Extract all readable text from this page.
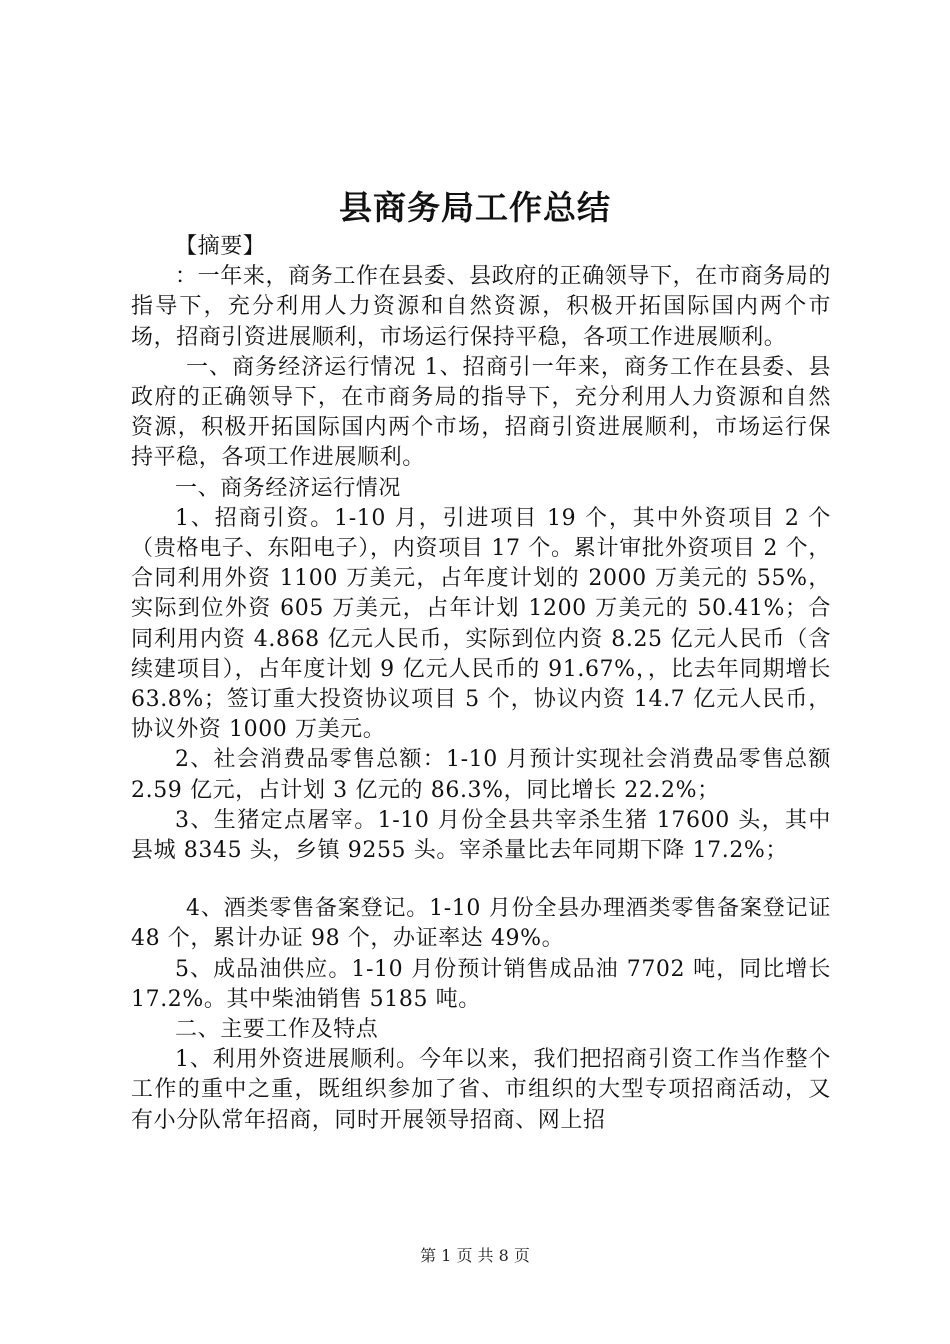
县商务局工作总结

【摘要】

：一年来，商务工作在县委、县政府的正确领导下，在市商务局的指导下，充分利用人力资源和自然资源，积极开拓国际国内两个市场，招商引资进展顺利，市场运行保持平稳，各项工作进展顺利。

一、商务经济运行情况 1、招商引一年来，商务工作在县委、县政府的正确领导下，在市商务局的指导下，充分利用人力资源和自然资源，积极开拓国际国内两个市场，招商引资进展顺利，市场运行保持平稳，各项工作进展顺利。

一、商务经济运行情况

1、招商引资。1-10 月，引进项目 19 个，其中外资项目 2 个（贵格电子、东阳电子），内资项目 17 个。累计审批外资项目 2 个，合同利用外资 1100 万美元，占年度计划的 2000 万美元的 55%，实际到位外资 605 万美元，占年计划 1200 万美元的 50.41%；合同利用内资 4.868 亿元人民币，实际到位内资 8.25 亿元人民币（含续建项目），占年度计划 9 亿元人民币的 91.67%，，比去年同期增长 63.8%；签订重大投资协议项目 5 个，协议内资 14.7 亿元人民币，协议外资 1000 万美元。

2、社会消费品零售总额：1-10 月预计实现社会消费品零售总额 2.59 亿元，占计划 3 亿元的 86.3%，同比增长 22.2%；

3、生猪定点屠宰。1-10 月份全县共宰杀生猪 17600 头，其中县城 8345 头，乡镇 9255 头。宰杀量比去年同期下降 17.2%；

4、酒类零售备案登记。1-10 月份全县办理酒类零售备案登记证 48 个，累计办证 98 个，办证率达 49%。

5、成品油供应。1-10 月份预计销售成品油 7702 吨，同比增长 17.2%。其中柴油销售 5185 吨。

二、主要工作及特点

1、利用外资进展顺利。今年以来，我们把招商引资工作当作整个工作的重中之重，既组织参加了省、市组织的大型专项招商活动，又有小分队常年招商，同时开展领导招商、网上招

第 1 页 共 8 页
